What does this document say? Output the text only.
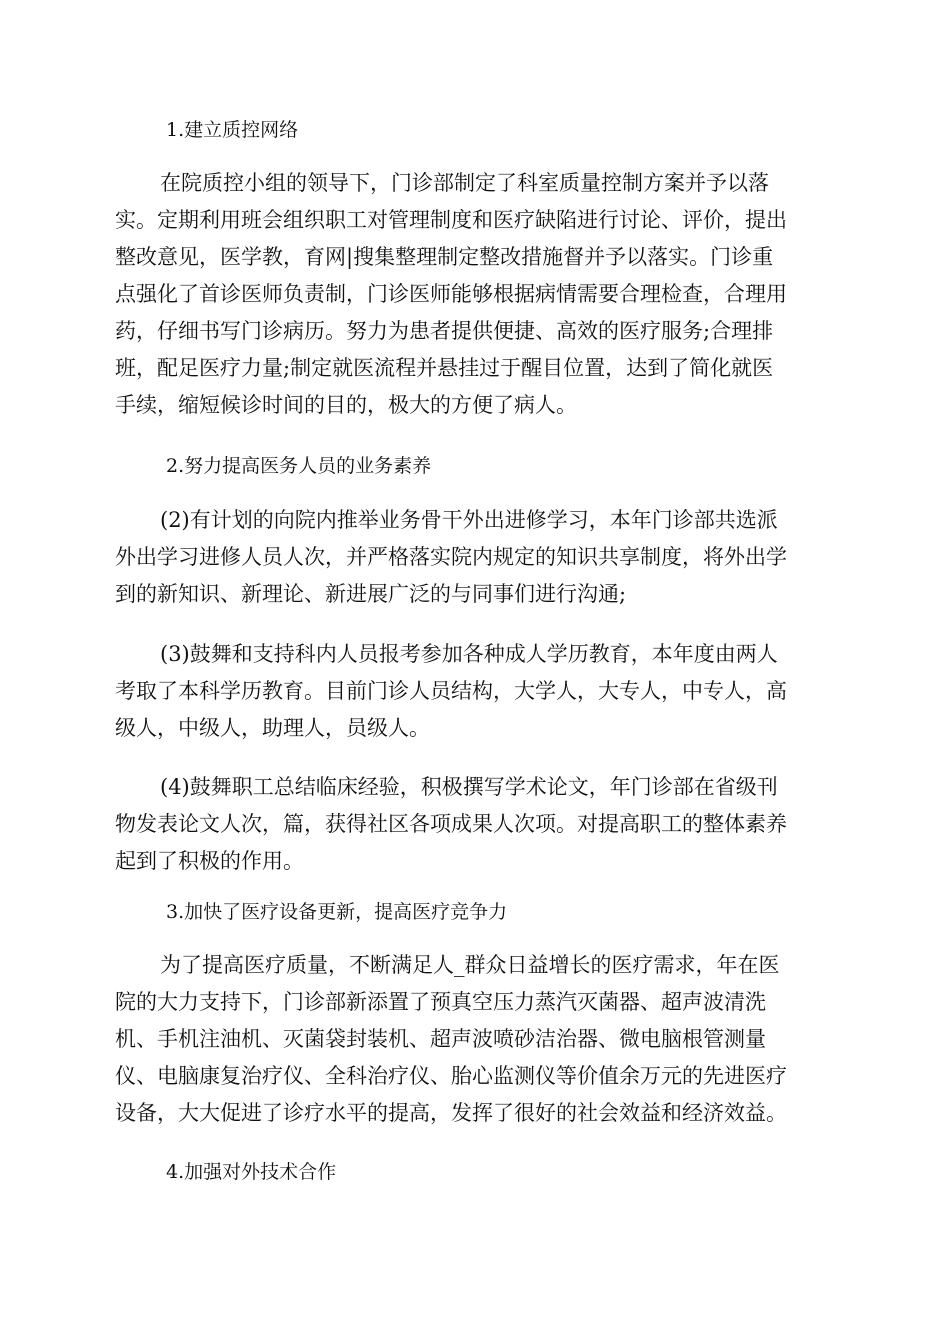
1.建立质控网络
在院质控小组的领导下，门诊部制定了科室质量控制方案并予以落
实。定期利用班会组织职工对管理制度和医疗缺陷进行讨论、评价，提出
整改意见，医学教，育网|搜集整理制定整改措施督并予以落实。门诊重
点强化了首诊医师负责制，门诊医师能够根据病情需要合理检查，合理用
药，仔细书写门诊病历。努力为患者提供便捷、高效的医疗服务;合理排
班，配足医疗力量;制定就医流程并悬挂过于醒目位置，达到了简化就医
手续，缩短候诊时间的目的，极大的方便了病人。
2.努力提高医务人员的业务素养
(2)有计划的向院内推举业务骨干外出进修学习，本年门诊部共选派
外出学习进修人员人次，并严格落实院内规定的知识共享制度，将外出学
到的新知识、新理论、新进展广泛的与同事们进行沟通;
(3)鼓舞和支持科内人员报考参加各种成人学历教育，本年度由两人
考取了本科学历教育。目前门诊人员结构，大学人，大专人，中专人，高
级人，中级人，助理人，员级人。
(4)鼓舞职工总结临床经验，积极撰写学术论文，年门诊部在省级刊
物发表论文人次，篇，获得社区各项成果人次项。对提高职工的整体素养
起到了积极的作用。
3.加快了医疗设备更新，提高医疗竞争力
为了提高医疗质量，不断满足人_群众日益增长的医疗需求，年在医
院的大力支持下，门诊部新添置了预真空压力蒸汽灭菌器、超声波清洗
机、手机注油机、灭菌袋封装机、超声波喷砂洁治器、微电脑根管测量
仪、电脑康复治疗仪、全科治疗仪、胎心监测仪等价值余万元的先进医疗
设备，大大促进了诊疗水平的提高，发挥了很好的社会效益和经济效益。
4.加强对外技术合作
